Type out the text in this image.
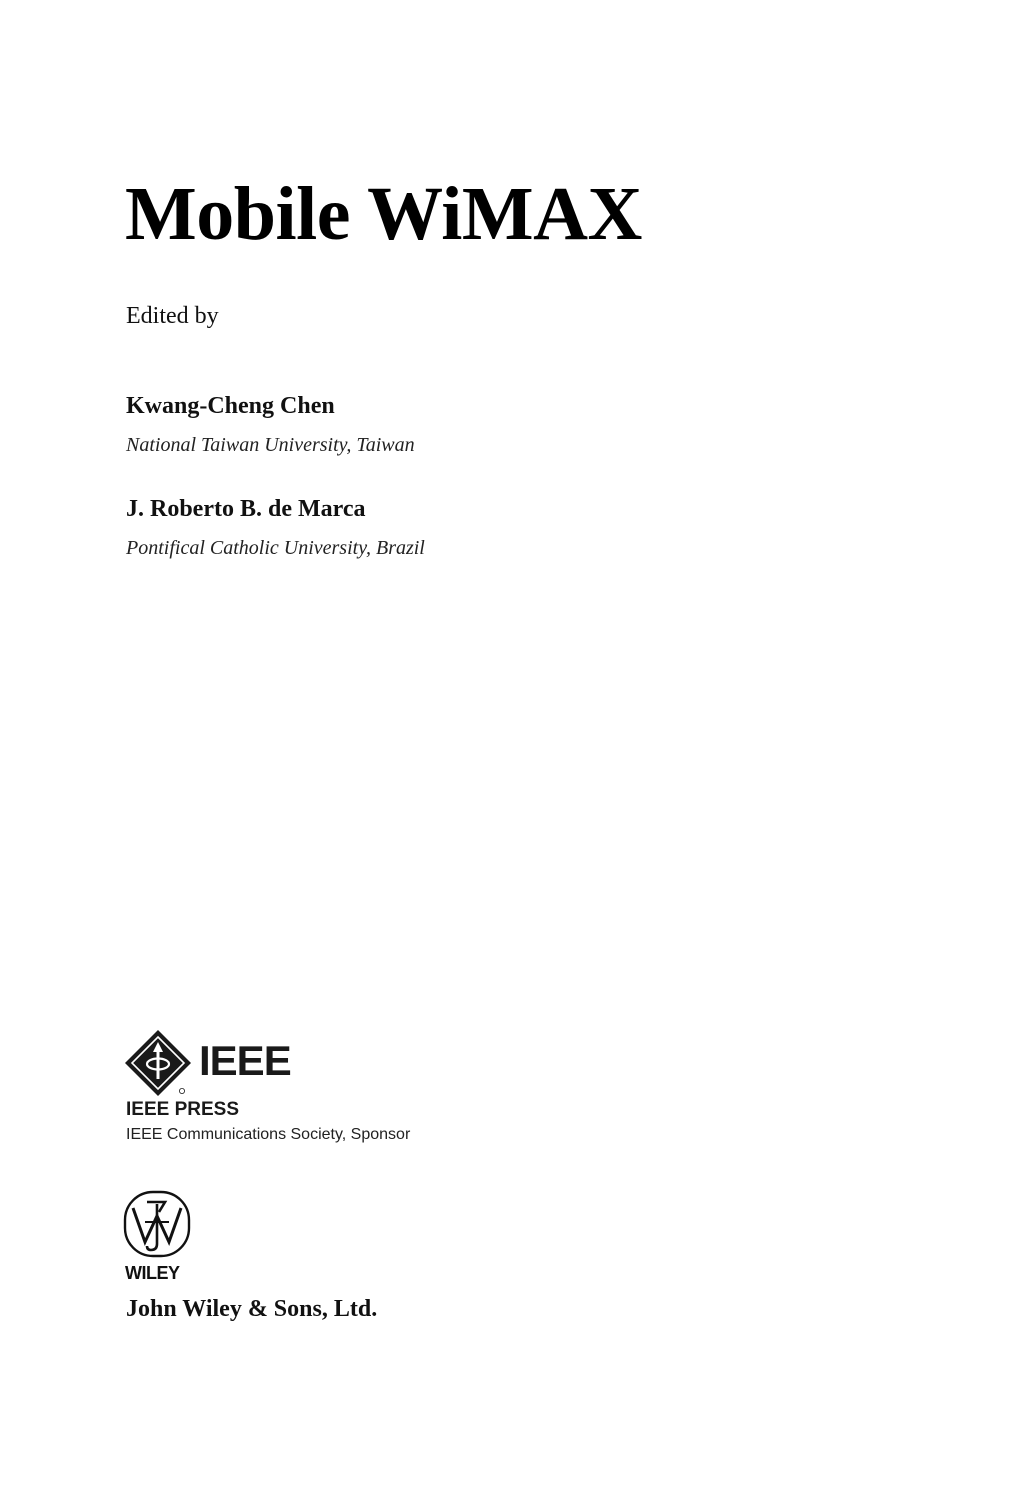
Mobile WiMAX
Edited by
Kwang-Cheng Chen
National Taiwan University, Taiwan
J. Roberto B. de Marca
Pontifical Catholic University, Brazil
IEEE
IEEE PRESS
IEEE Communications Society, Sponsor
WILEY
John Wiley & Sons, Ltd.
